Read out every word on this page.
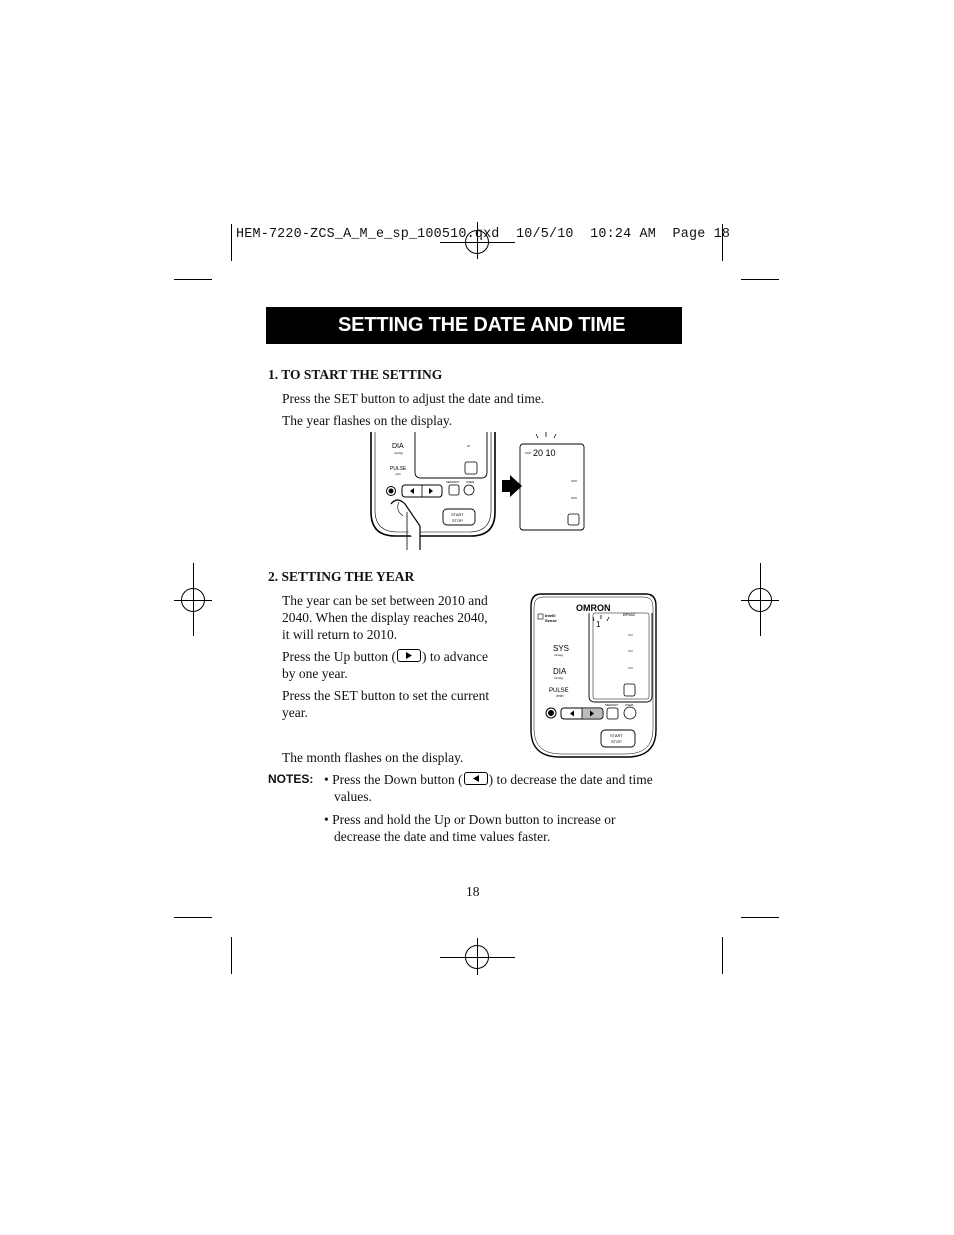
HEM-7220-ZCS_A_M_e_sp_100510.qxd  10/5/10  10:24 AM  Page 18
SETTING THE DATE AND TIME
1. TO START THE SETTING
Press the SET button to adjust the date and time.
The year flashes on the display.
DIA
mmHg
PULSE
/min
MEMORY USER
START
STOP
20 10
2. SETTING THE YEAR
The year can be set between 2010 and
2040. When the display reaches 2040,
it will return to 2010.
Press the Up button ( ) to advance
by one year.
Press the SET button to set the current
year.
The month flashes on the display.
OMRON
BP652
Intelli
Sense	1
SYS
mmHg
DIA
mmHg
PULSE
/min
MEMORY USER
START
STOP
NOTES: • Press the Down button ( ) to decrease the date and time
values.
• Press and hold the Up or Down button to increase or
decrease the date and time values faster.
18
